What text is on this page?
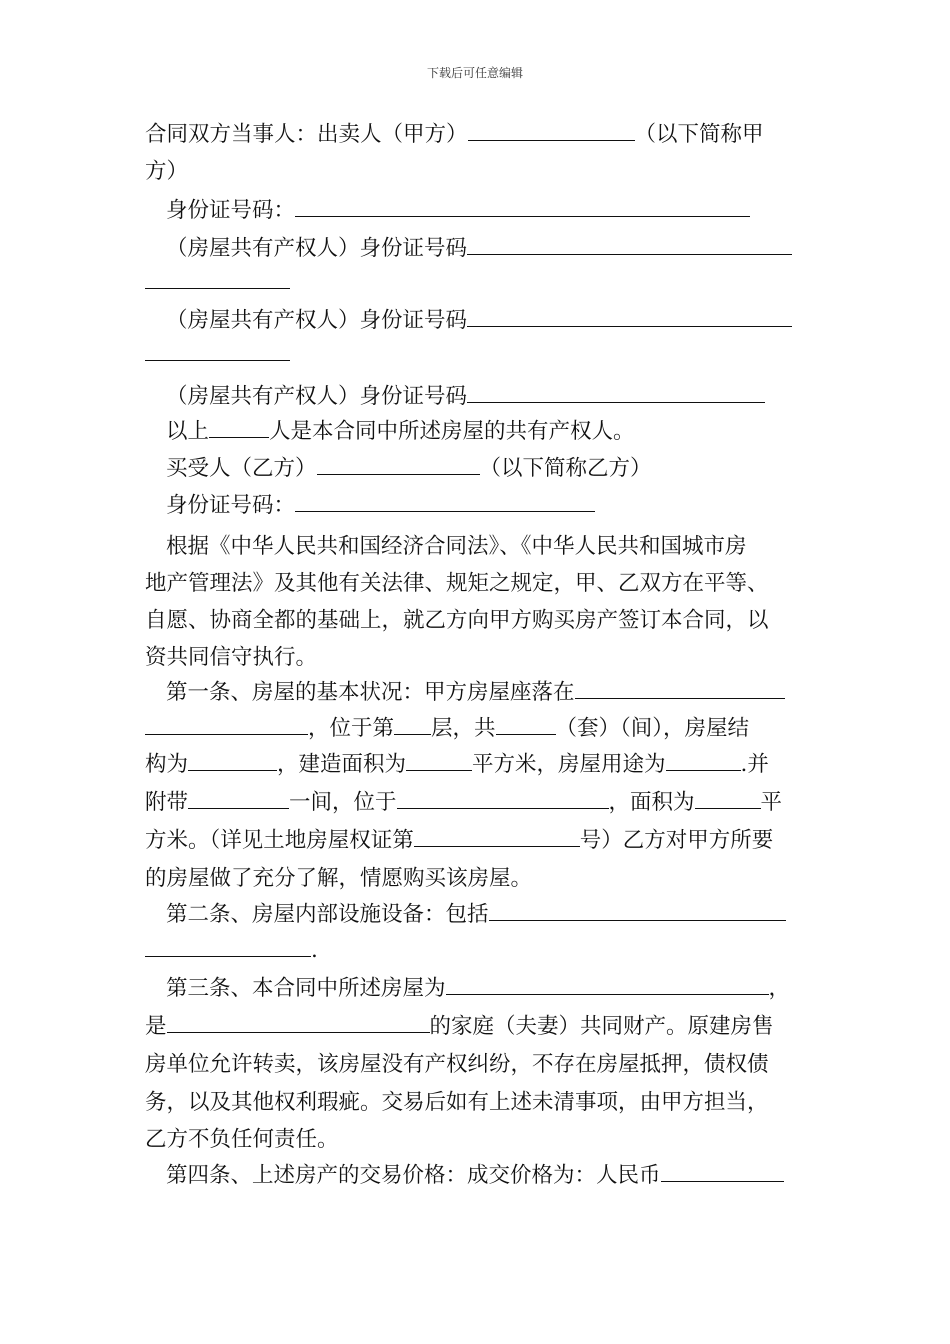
下载后可任意编辑
合同双方当事人：出卖人（甲方）	（以下简称甲
方）
身份证号码：
（房屋共有产权人）身份证号码
（房屋共有产权人）身份证号码
（房屋共有产权人）身份证号码
以上	人是本合同中所述房屋的共有产权人。
买受人（乙方）	（以下简称乙方）
身份证号码：
根据《中华人民共和国经济合同法》、《中华人民共和国城市房
地产管理法》及其他有关法律、规矩之规定，甲、乙双方在平等、
自愿、协商全都的基础上，就乙方向甲方购买房产签订本合同，以
资共同信守执行。
第一条、房屋的基本状况：甲方房屋座落在
，位于第 层，共	（套）（间），房屋结
构为	，建造面积为	平方米，房屋用途为	.并
附带	一间，位于	，面积为	平
方米。（详见土地房屋权证第	号）乙方对甲方所要
的房屋做了充分了解，情愿购买该房屋。
第二条、房屋内部设施设备：包括
.
第三条、本合同中所述房屋为	，
是	的家庭（夫妻）共同财产。原建房售
房单位允许转卖，该房屋没有产权纠纷，不存在房屋抵押，债权债
务，以及其他权利瑕疵。交易后如有上述未清事项，由甲方担当，
乙方不负任何责任。
第四条、上述房产的交易价格：成交价格为：人民币
